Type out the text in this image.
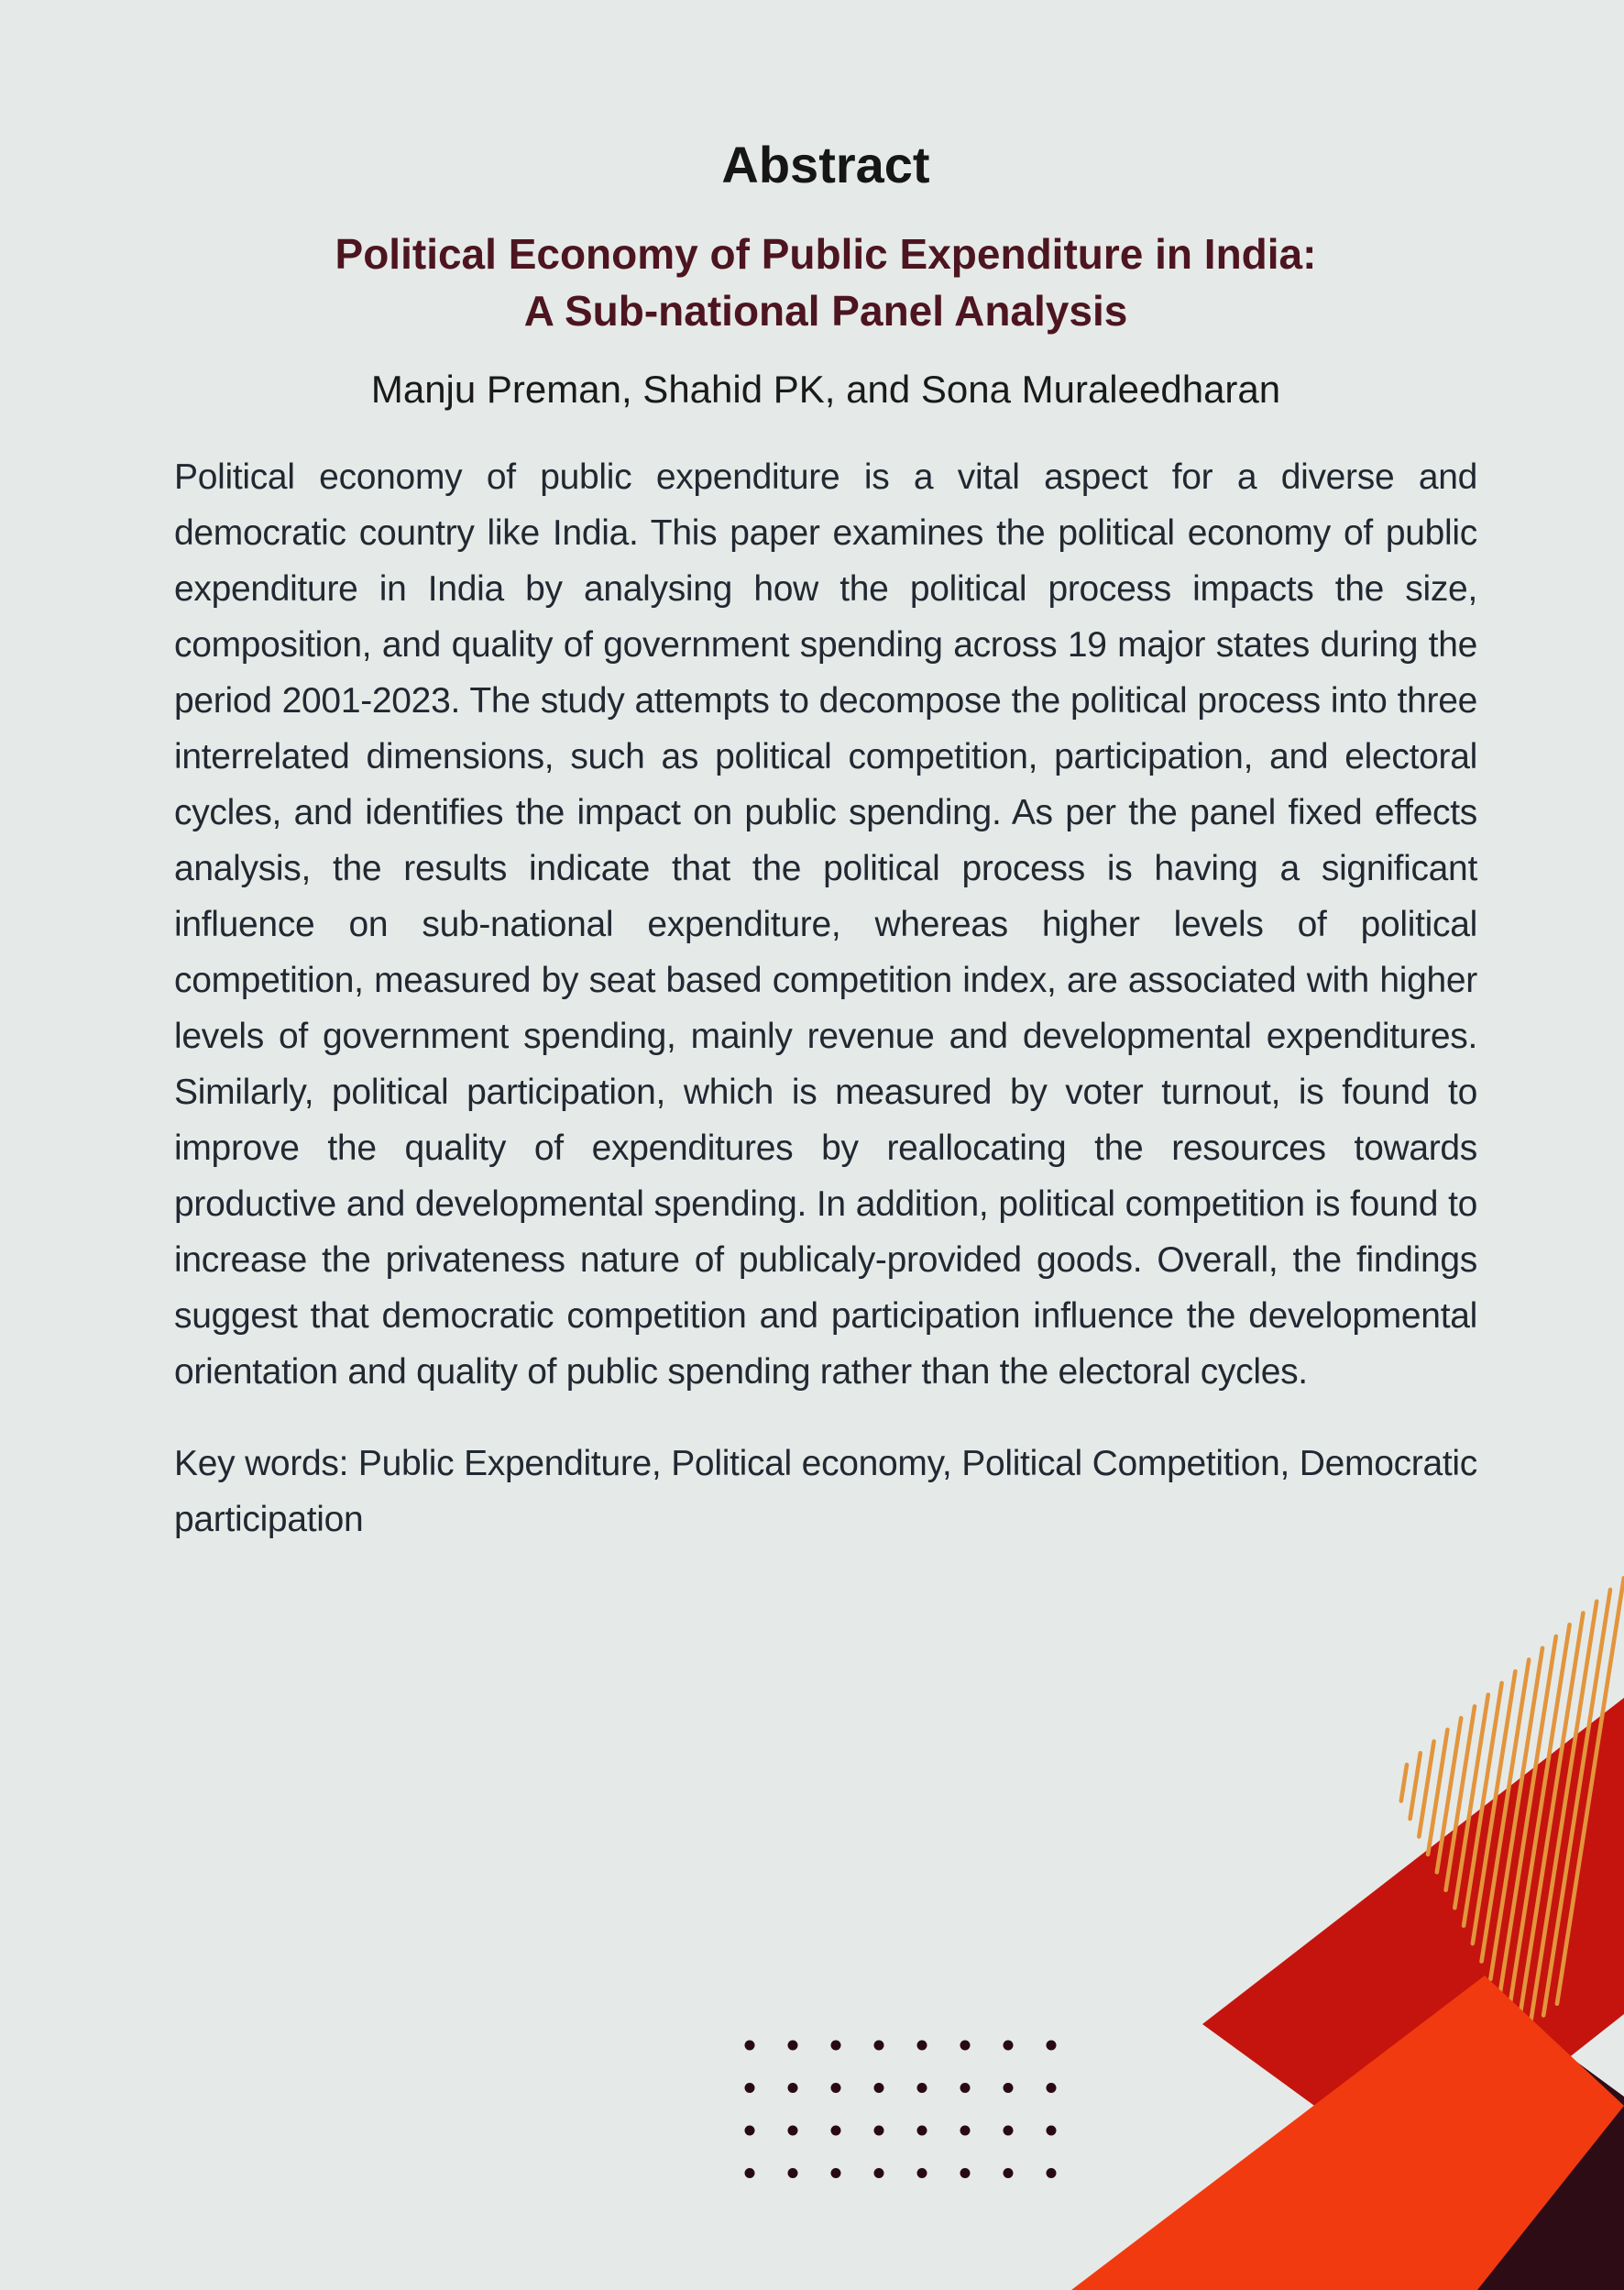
Abstract
Political Economy of Public Expenditure in India:
A Sub-national Panel Analysis
Manju Preman, Shahid PK, and Sona Muraleedharan

Political economy of public expenditure is a vital aspect for a diverse and democratic country like India. This paper examines the political economy of public expenditure in India by analysing how the political process impacts the size, composition, and quality of government spending across 19 major states during the period 2001-2023. The study attempts to decompose the political process into three interrelated dimensions, such as political competition, participation, and electoral cycles, and identifies the impact on public spending. As per the panel fixed effects analysis, the results indicate that the political process is having a significant influence on sub-national expenditure, whereas higher levels of political competition, measured by seat based competition index, are associated with higher levels of government spending, mainly revenue and developmental expenditures. Similarly, political participation, which is measured by voter turnout, is found to improve the quality of expenditures by reallocating the resources towards productive and developmental spending. In addition, political competition is found to increase the privateness nature of publicaly-provided goods. Overall, the findings suggest that democratic competition and participation influence the developmental orientation and quality of public spending rather than the electoral cycles.

Key words: Public Expenditure, Political economy, Political Competition, Democratic participation
